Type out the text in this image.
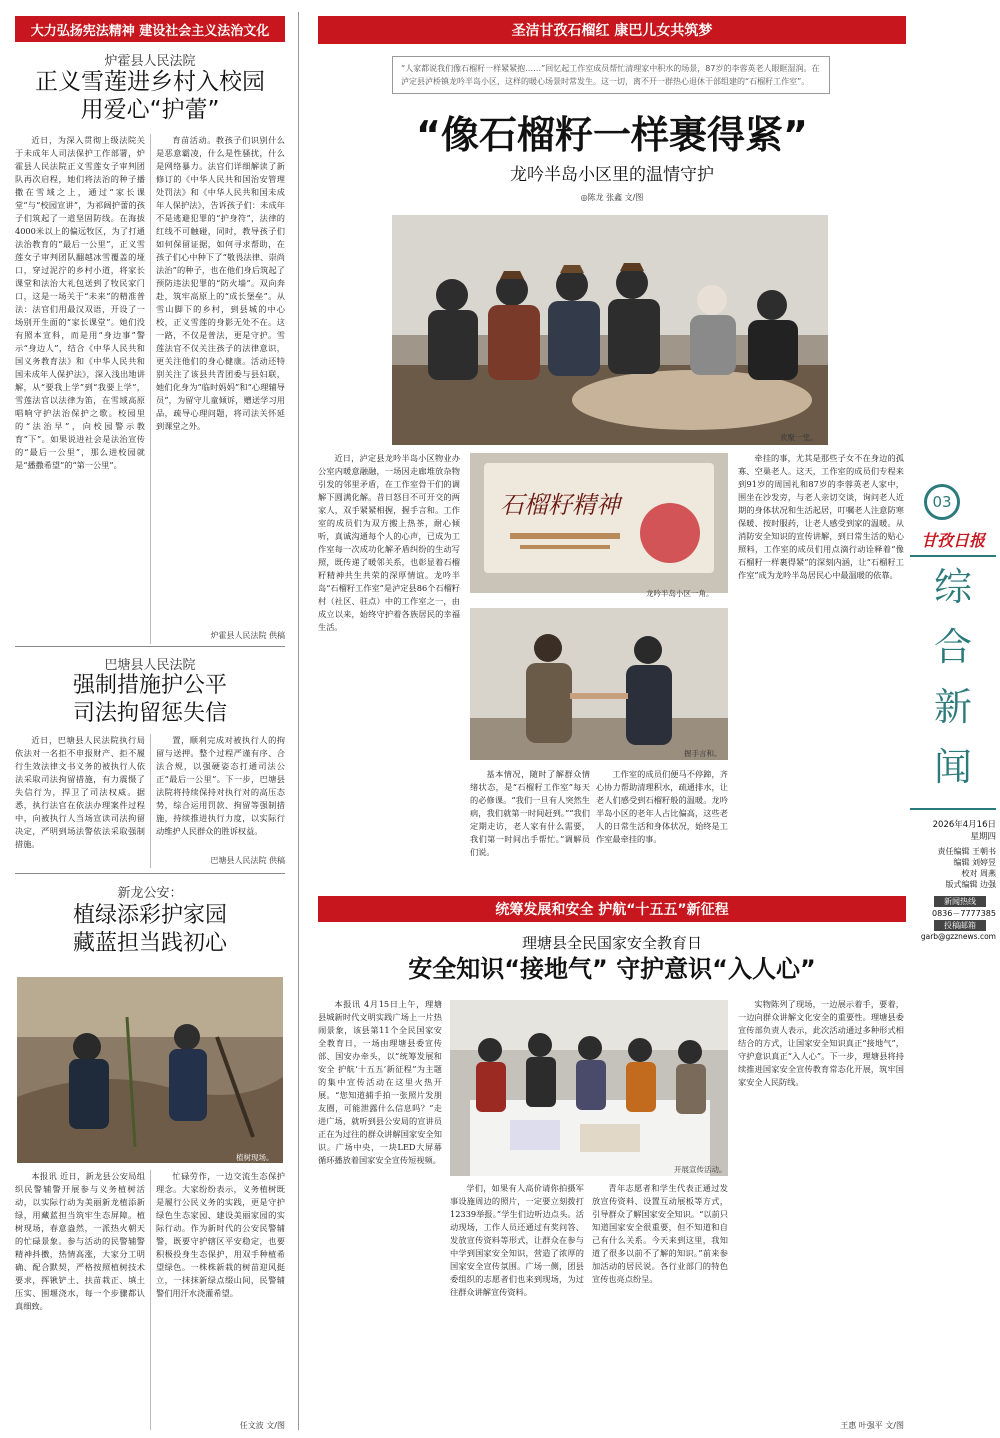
大力弘扬宪法精神 建设社会主义法治文化
炉霍县人民法院
正义雪莲进乡村入校园
用爱心“护蕾”

近日，为深入贯彻上级法院关于未成年人司法保护工作部署，炉霍县人民法院正义雪莲女子审判团队再次启程，她们将法治的种子播撒在雪域之上，通过“家长课堂”与“校园宣讲”，为祁阔护蕾的孩子们筑起了一道坚固防线。在海拔4000米以上的偏远牧区，为了打通法治教育的“最后一公里”，正义雪莲女子审判团队翻越冰雪覆盖的垭口，穿过泥泞的乡村小道，将家长课堂和法治大礼包送到了牧民家门口，这是一场关于“未来”的精准普法：法官们用最汉双语，开设了一场别开生面的“家长课堂”。她们没有照本宣科，而是用“身边事”警示“身边人”，结合《中华人民共和国义务教育法》和《中华人民共和国未成年人保护法》，深入浅出地讲解，从“要我上学”到“我要上学”，雪莲法官以法律为笛，在雪域高原唱响守护法治保护之歌。校园里的“法治早”，向校园警示教育“下”。如果说进社会是法治宣传的“最后一公里”，那么进校园就是“播撒希望”的“第一公里”。

育苗活动。教孩子们识别什么是恶意霸凌，什么是性骚扰，什么是网络暴力。法官们详细解读了新修订的《中华人民共和国治安管理处罚法》和《中华人民共和国未成年人保护法》，告诉孩子们：未成年不是逃避犯罪的“护身符”，法律的红线不可触碰，同时，教导孩子们如何保留证据，如何寻求帮助，在孩子们心中种下了“敬畏法律、崇尚法治”的种子，也在他们身后筑起了预防违法犯罪的“防火墙”。双向奔赴，筑牢高原上的“成长堡垒”。从雪山脚下的乡村，到县城的中心校，正义雪莲的身影无处不在。这一路，不仅是普法，更是守护。雪莲法官不仅关注孩子的法律意识，更关注他们的身心健康。活动还特别关注了该县共青团委与县妇联，她们化身为“临时妈妈”和“心理辅导员”，为留守儿童倾诉，赠送学习用品，疏导心理问题，将司法关怀延到课堂之外。

炉霍县人民法院 供稿
巴塘县人民法院
强制措施护公平
司法拘留惩失信

近日，巴塘县人民法院执行局依法对一名拒不申报财产、拒不履行生效法律文书义务的被执行人依法采取司法拘留措施，有力震慑了失信行为，捍卫了司法权威。据悉，执行法官在依法办理案件过程中，向被执行人当场宣读司法拘留决定，严明到场法警依法采取强制措施。

置，顺利完成对被执行人的拘留与送押。整个过程严谨有序、合法合规，以强硬姿态打通司法公正“最后一公里”。下一步，巴塘县法院将持续保持对执行对的高压态势，综合运用罚款、拘留等强制措施，持续推进执行力度，以实际行动维护人民群众的胜诉权益。

巴塘县人民法院 供稿
新龙公安：
植绿添彩护家园
藏蓝担当践初心
植树现场。

本报讯 近日，新龙县公安局组织民警辅警开展参与义务植树活动，以实际行动为美丽新龙植添新绿，用藏蓝担当筑牢生态屏障。植树现场，春意盎然，一派热火朝天的忙碌景象。参与活动的民警辅警精神抖擞，热情高涨，大家分工明确、配合默契，严格按照植树技术要求，挥锹铲土、扶苗栽正、填土压实、围堰浇水，每一个步骤都认真细致。

忙碌劳作，一边交流生态保护理念。大家纷纷表示，义务植树既是履行公民义务的实践，更是守护绿色生态家园、建设美丽家园的实际行动。作为新时代的公安民警辅警，既要守护辖区平安稳定，也要积极投身生态保护，用双手种植希望绿色。一株株新栽的树苗迎风挺立，一抹抹新绿点缀山间，民警辅警们用汗水浇灌希望。

任文波 文/图
圣洁甘孜石榴红 康巴儿女共筑梦
“人家都说我们像石榴籽一样紧紧抱……”回忆起工作室成员帮忙清理家中积水的场景，87岁的李蓉英老人眼眶湿润。在泸定县泸桥镇龙吟半岛小区，这样的暖心场景时常发生。这一切，离不开一群热心退休干部组建的“石榴籽工作室”。
“像石榴籽一样裹得紧”
龙吟半岛小区里的温情守护
◎陈龙 张鑫 文/图
欢聚一堂。

近日，泸定县龙吟半岛小区物业办公室内暖意融融，一场因走廊堆放杂物引发的邻里矛盾，在工作室骨干们的调解下圆满化解。昔日怒目不可开交的两家人，双手紧紧相握，握手言和。工作室的成员们为双方搬上热茶，耐心倾听，真诚沟通每个人的心声，已成为工作室每一次成功化解矛盾纠纷的生动写照，既传递了暖邻关系，也彰显着石榴籽精神共生共荣的深厚情谊。龙吟半岛“石榴籽工作室”是泸定县86个石榴籽村（社区、驻点）中的工作室之一，由成立以来，始终守护着各族居民的幸福生活。

石榴籽精神
龙吟半岛小区一角。
握手言和。

基本情况，随时了解群众情绪状态，是“石榴籽工作室”每天的必修课。“我们一旦有人突然生病，我们就第一时间赶到。”“我们定期走访，老人家有什么需要，我们第一时间出手帮忙。”调解员们说。

工作室的成员们便马不停蹄，齐心协力帮助清理积水，疏通排水，让老人们感受到石榴籽般的温暖。龙吟半岛小区的老年人占比偏高，这些老人的日常生活和身体状况，始终是工作室最牵挂的事。

牵挂的事，尤其是那些子女不在身边的孤寡、空巢老人。这天，工作室的成员们专程来到91岁的周国礼和87岁的李蓉英老人家中，围坐在沙发旁，与老人亲切交谈，询问老人近期的身体状况和生活起居，叮嘱老人注意防寒保暖、按时服药，让老人感受到家的温暖。从消防安全知识的宣传讲解，到日常生活的贴心照料，工作室的成员们用点滴行动诠释着“像石榴籽一样裹得紧”的深刻内涵，让“石榴籽工作室”成为龙吟半岛居民心中最温暖的依靠。

03
甘孜日报
综
合
新
闻
2026年4月16日
星期四
责任编辑 王朝书
编辑 刘婷昱
校对 周燕
版式编辑 边强
新闻热线
0836－7777385
投稿邮箱
garb@gzznews.com
统筹发展和安全 护航“十五五”新征程
理塘县全民国家安全教育日
安全知识“接地气” 守护意识“入人心”

本报讯 4月15日上午，理塘县城新时代文明实践广场上一片热闹景象，该县第11个全民国家安全教育日，一场由理塘县委宣传部、国安办牵头，以“统筹发展和安全 护航‘十五五’新征程”为主题的集中宣传活动在这里火热开展。“您知道捕手拍一张照片发朋友圈，可能泄露什么信息吗？”走进广场，就听到县公安局的宣讲员正在为过往的群众讲解国家安全知识。广场中央，一块LED大屏幕循环播放着国家安全宣传短视频。

开展宣传活动。

学们，如果有人高价请你拍摄军事设施周边的照片，一定要立刻拨打12339举报。”学生们边听边点头。活动现场，工作人员还通过有奖问答、发放宣传资料等形式，让群众在参与中学到国家安全知识，营造了浓厚的国家安全宣传氛围。广场一侧，团县委组织的志愿者们也来到现场，为过往群众讲解宣传资料。

青年志愿者和学生代表正通过发放宣传资料、设置互动展板等方式，引导群众了解国家安全知识。“以前只知道国家安全很重要，但不知道和自己有什么关系。今天来到这里，我知道了很多以前不了解的知识。”前来参加活动的居民说。各行业部门的特色宣传也亮点纷呈。

实物陈列了现场，一边展示着手，要着，一边向群众讲解文化安全的重要性。理塘县委宣传部负责人表示，此次活动通过多种形式相结合的方式，让国家安全知识真正“接地气”，守护意识真正“入人心”。下一步，理塘县将持续推进国家安全宣传教育常态化开展，筑牢国家安全人民防线。

王惠 叶强平 文/图
